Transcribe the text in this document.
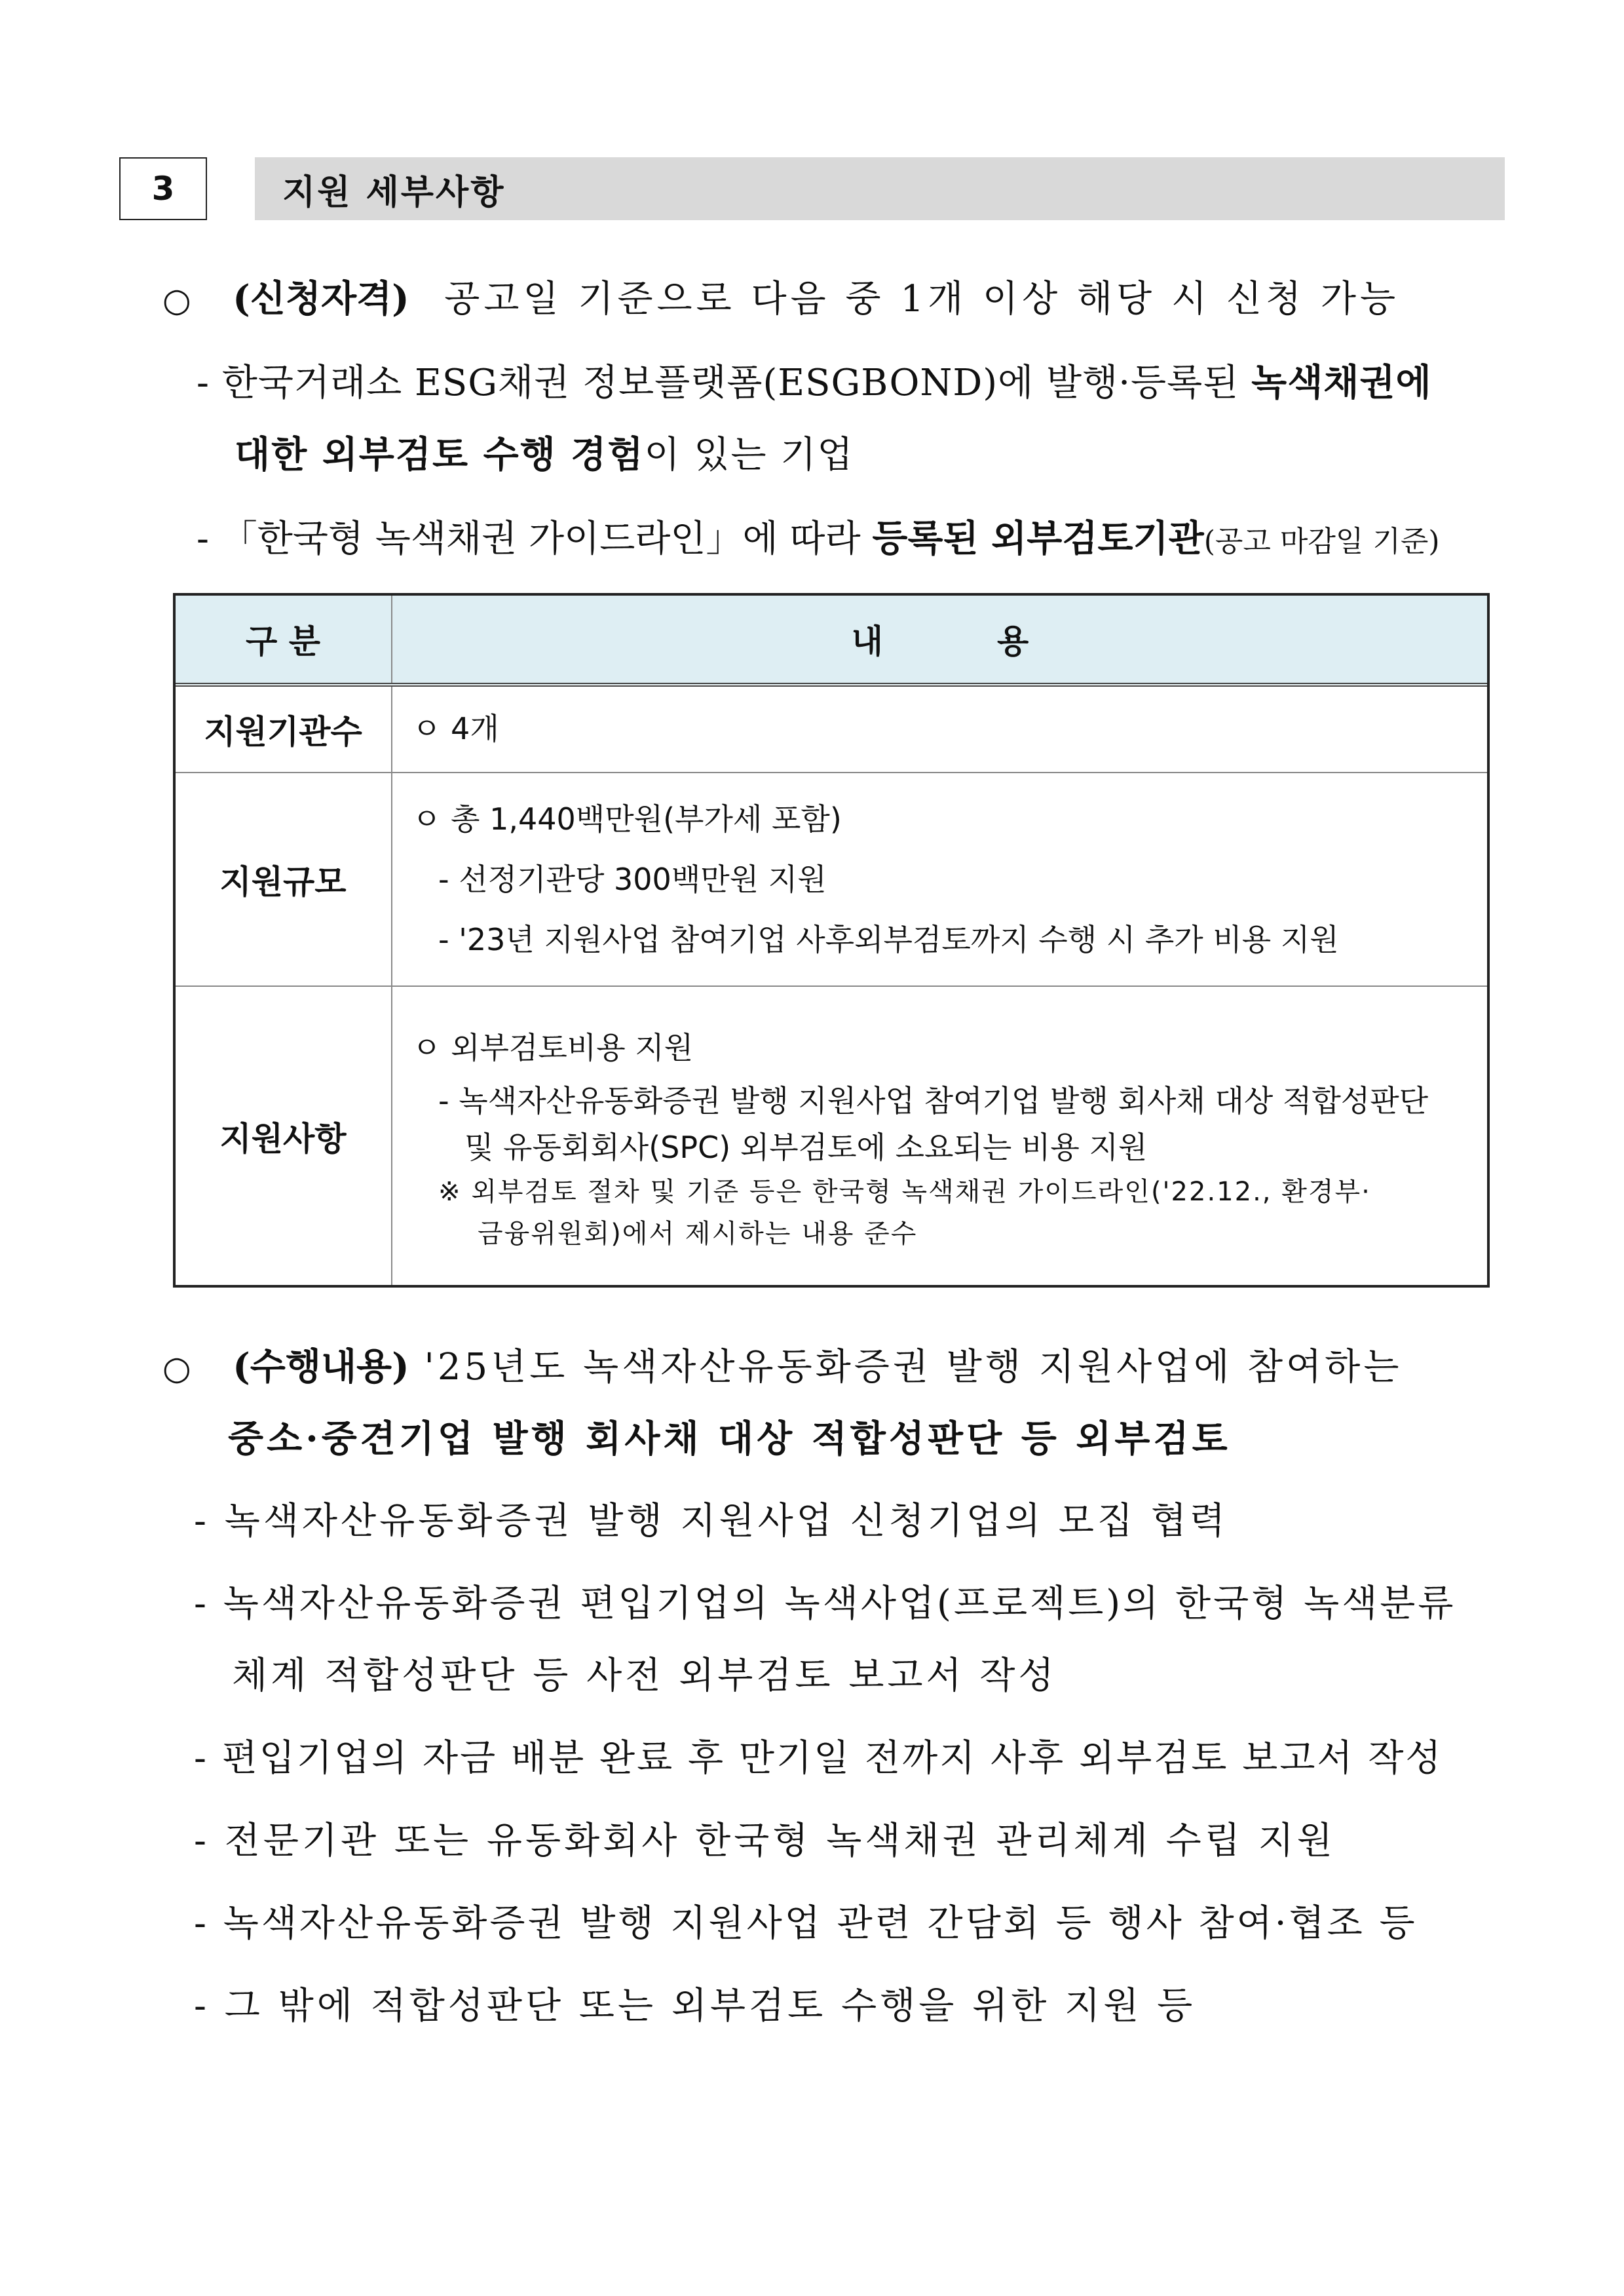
3	지원 세부사항
○ (신청자격) 공고일 기준으로 다음 중 1개 이상 해당 시 신청 가능
- 한국거래소 ESG채권 정보플랫폼(ESGBOND)에 발행·등록된 녹색채권에
대한 외부검토 수행 경험이 있는 기업
- 「한국형 녹색채권 가이드라인」에 따라 등록된 외부검토기관(공고 마감일 기준)
구 분	내          용
지원기관수	ㅇ 4개

지원규모	ㅇ 총 1,440백만원(부가세 포함)
- 선정기관당 300백만원 지원
- '23년 지원사업 참여기업 사후외부검토까지 수행 시 추가 비용 지원

지원사항	ㅇ 외부검토비용 지원
- 녹색자산유동화증권 발행 지원사업 참여기업 발행 회사채 대상 적합성판단
및 유동회회사(SPC) 외부검토에 소요되는 비용 지원
※ 외부검토 절차 및 기준 등은 한국형 녹색채권 가이드라인('22.12., 환경부·
금융위원회)에서 제시하는 내용 준수
○ (수행내용) '25년도 녹색자산유동화증권 발행 지원사업에 참여하는
중소·중견기업 발행 회사채 대상 적합성판단 등 외부검토
- 녹색자산유동화증권 발행 지원사업 신청기업의 모집 협력
- 녹색자산유동화증권 편입기업의 녹색사업(프로젝트)의 한국형 녹색분류
체계 적합성판단 등 사전 외부검토 보고서 작성
- 편입기업의 자금 배분 완료 후 만기일 전까지 사후 외부검토 보고서 작성
- 전문기관 또는 유동화회사 한국형 녹색채권 관리체계 수립 지원
- 녹색자산유동화증권 발행 지원사업 관련 간담회 등 행사 참여·협조 등
- 그 밖에 적합성판단 또는 외부검토 수행을 위한 지원 등
